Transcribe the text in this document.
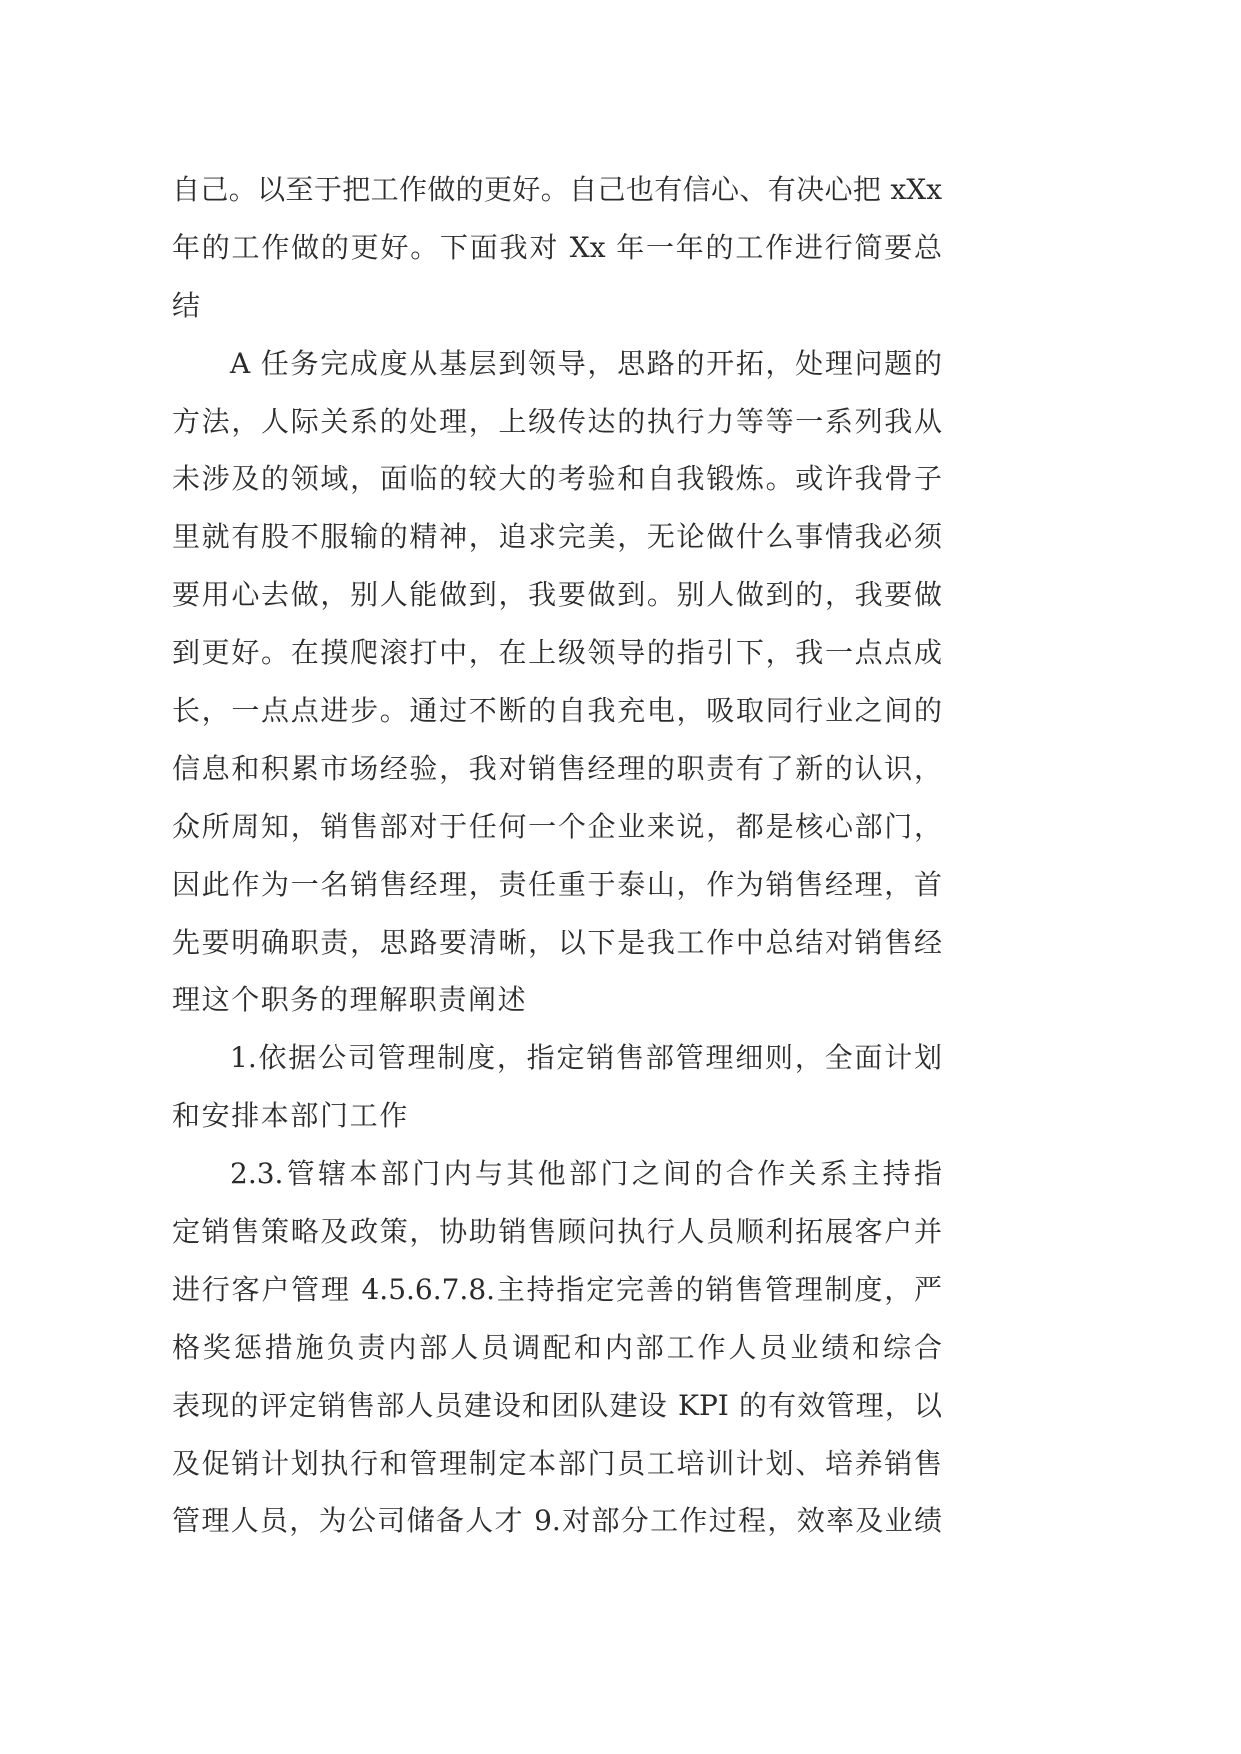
自己。以至于把工作做的更好。自己也有信心、有决心把 xXx
年的工作做的更好。下面我对 Xx 年一年的工作进行简要总
结
A 任务完成度从基层到领导，思路的开拓，处理问题的
方法，人际关系的处理，上级传达的执行力等等一系列我从
未涉及的领域，面临的较大的考验和自我锻炼。或许我骨子
里就有股不服输的精神，追求完美，无论做什么事情我必须
要用心去做，别人能做到，我要做到。别人做到的，我要做
到更好。在摸爬滚打中，在上级领导的指引下，我一点点成
长，一点点进步。通过不断的自我充电，吸取同行业之间的
信息和积累市场经验，我对销售经理的职责有了新的认识，
众所周知，销售部对于任何一个企业来说，都是核心部门，
因此作为一名销售经理，责任重于泰山，作为销售经理，首
先要明确职责，思路要清晰，以下是我工作中总结对销售经
理这个职务的理解职责阐述
1.依据公司管理制度，指定销售部管理细则，全面计划
和安排本部门工作
2.3.管辖本部门内与其他部门之间的合作关系主持指
定销售策略及政策，协助销售顾问执行人员顺利拓展客户并
进行客户管理 4.5.6.7.8.主持指定完善的销售管理制度，严
格奖惩措施负责内部人员调配和内部工作人员业绩和综合
表现的评定销售部人员建设和团队建设 KPI 的有效管理，以
及促销计划执行和管理制定本部门员工培训计划、培养销售
管理人员，为公司储备人才 9.对部分工作过程，效率及业绩
